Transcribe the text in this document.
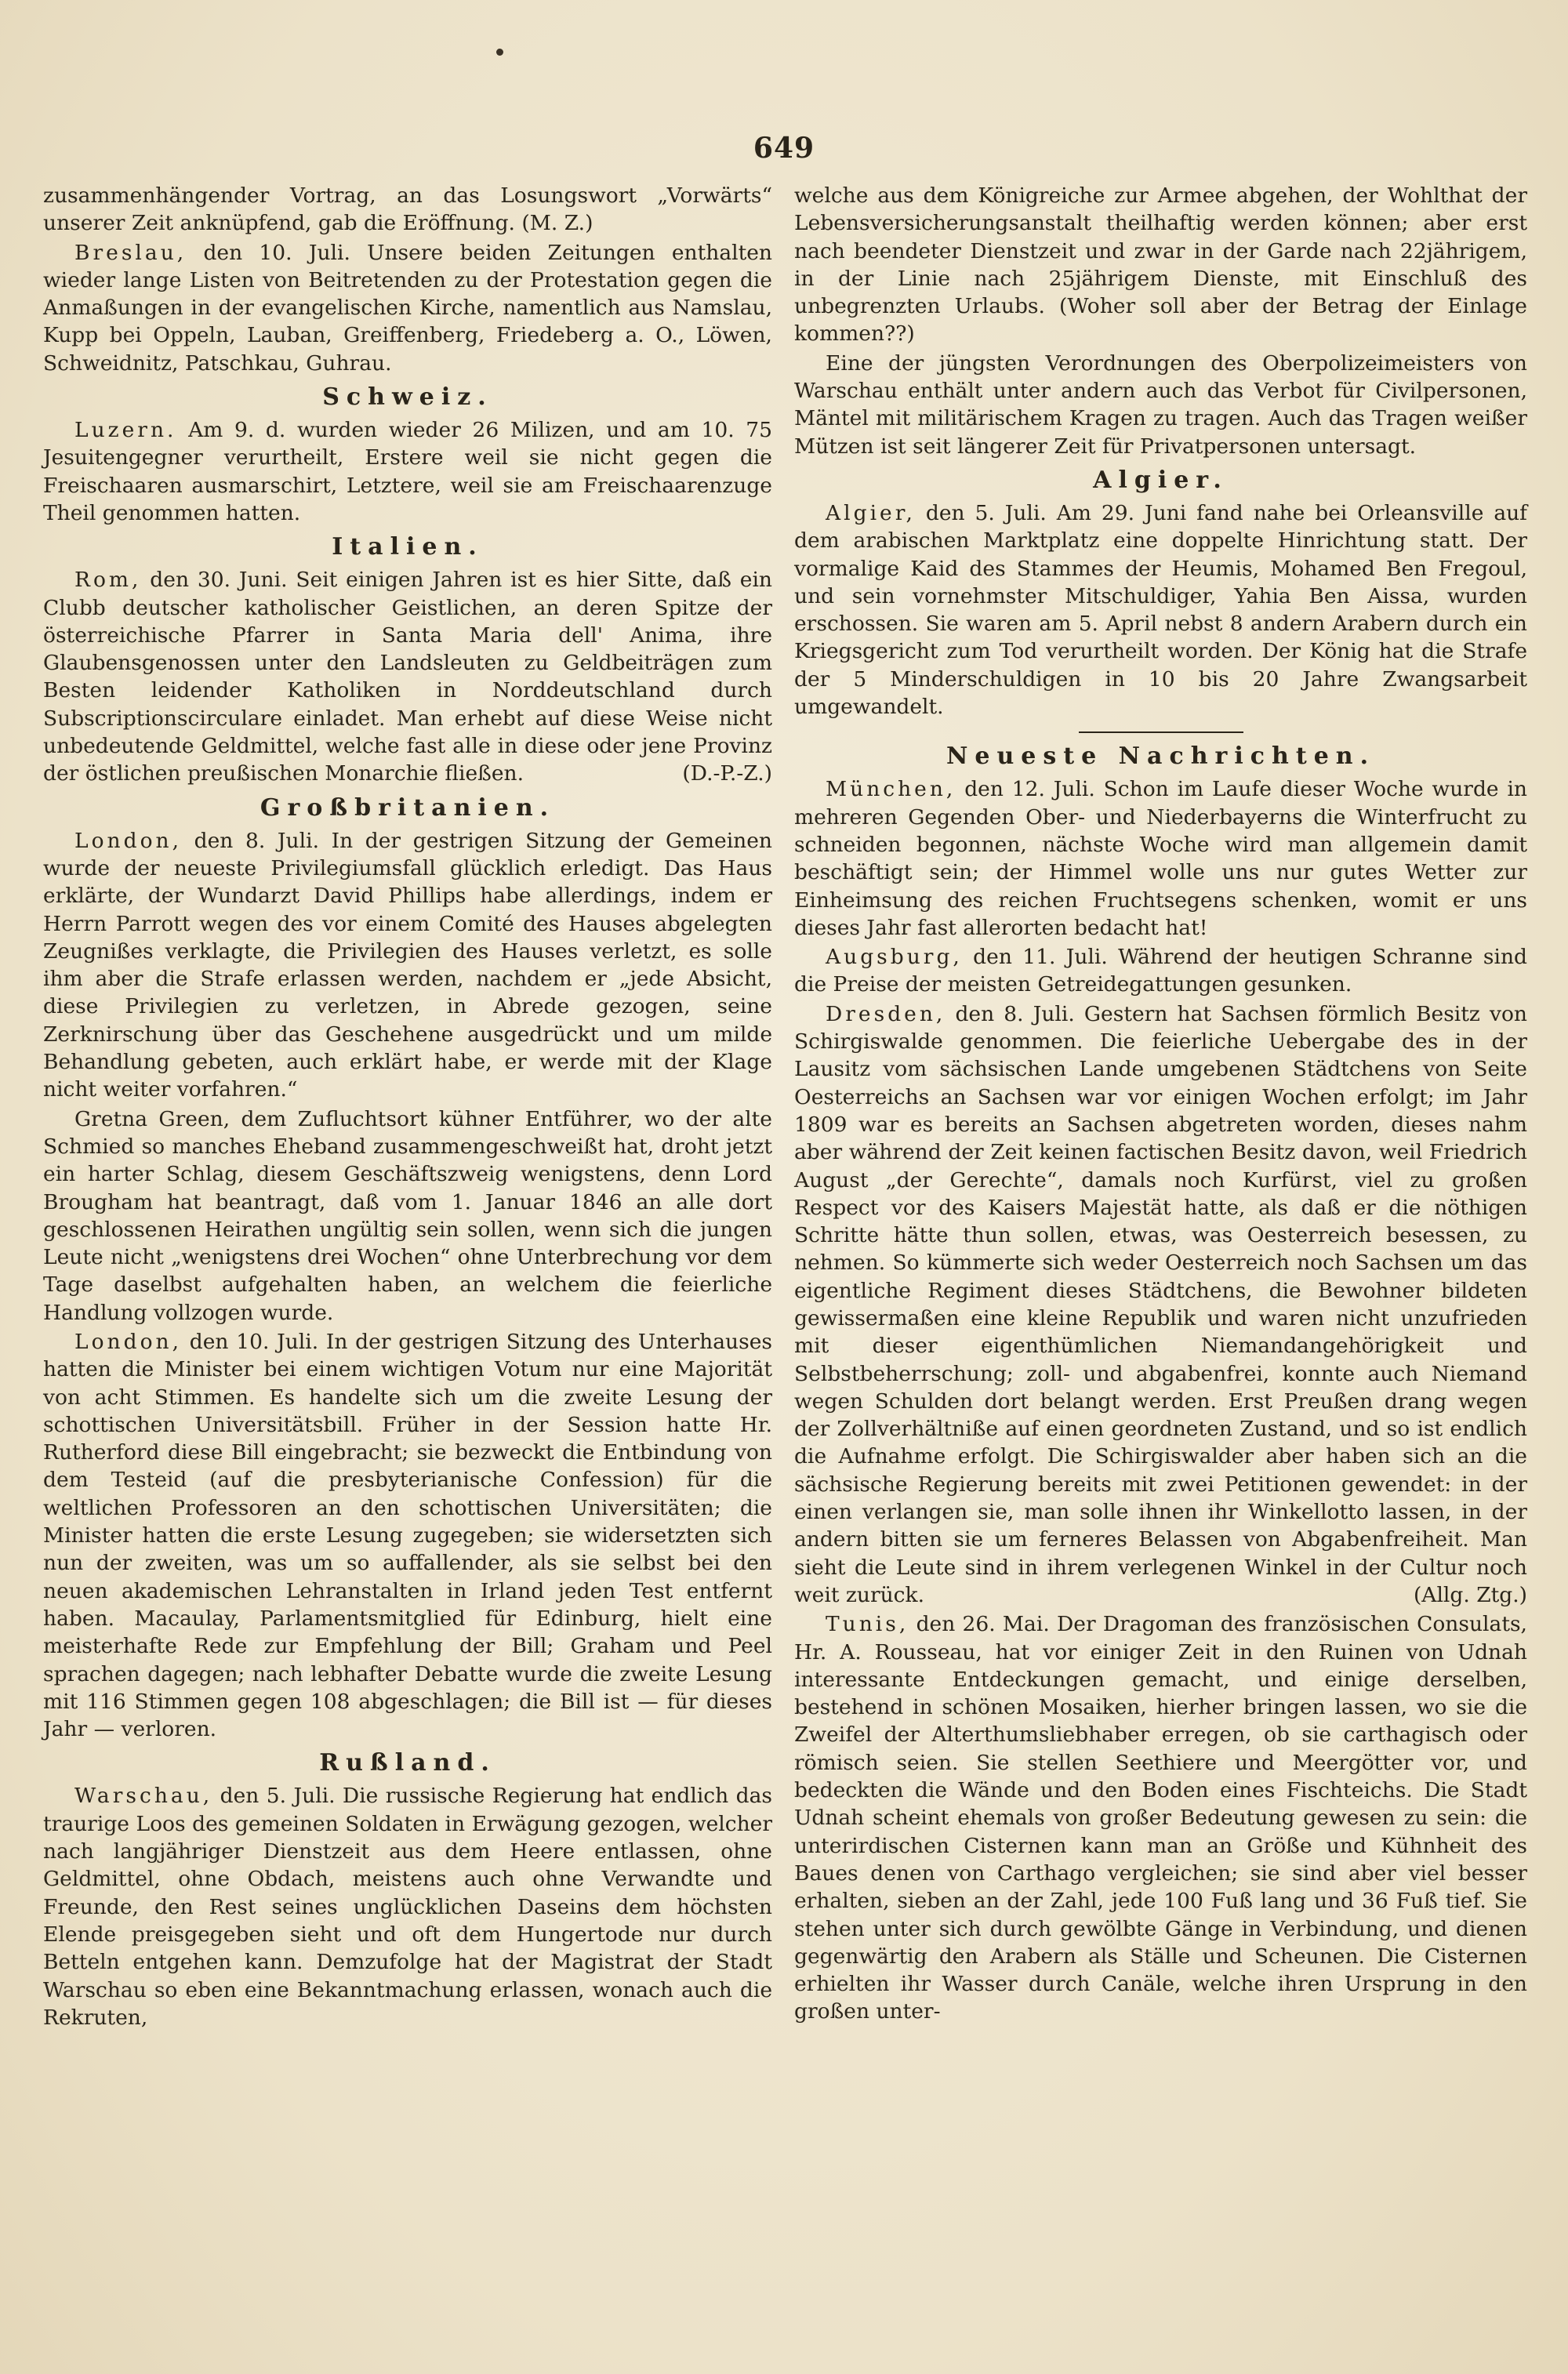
649

zusammenhängender Vortrag, an das Losungswort „Vorwärts“ unserer Zeit anknüpfend, gab die Eröffnung. (M. Z.)

Breslau, den 10. Juli. Unsere beiden Zeitungen enthalten wieder lange Listen von Beitretenden zu der Protestation gegen die Anmaßungen in der evangelischen Kirche, namentlich aus Namslau, Kupp bei Oppeln, Lauban, Greiffenberg, Friedeberg a. O., Löwen, Schweidnitz, Patschkau, Guhrau.

Schweiz.

Luzern. Am 9. d. wurden wieder 26 Milizen, und am 10. 75 Jesuitengegner verurtheilt, Erstere weil sie nicht gegen die Freischaaren ausmarschirt, Letztere, weil sie am Freischaarenzuge Theil genommen hatten.

Italien.

Rom, den 30. Juni. Seit einigen Jahren ist es hier Sitte, daß ein Clubb deutscher katholischer Geistlichen, an deren Spitze der österreichische Pfarrer in Santa Maria dell' Anima, ihre Glaubensgenossen unter den Landsleuten zu Geldbeiträgen zum Besten leidender Katholiken in Norddeutschland durch Subscriptionscirculare einladet. Man erhebt auf diese Weise nicht unbedeutende Geldmittel, welche fast alle in diese oder jene Provinz der östlichen preußischen Monarchie fließen.	(D.-P.-Z.)

Großbritanien.

London, den 8. Juli. In der gestrigen Sitzung der Gemeinen wurde der neueste Privilegiumsfall glücklich erledigt. Das Haus erklärte, der Wundarzt David Phillips habe allerdings, indem er Herrn Parrott wegen des vor einem Comité des Hauses abgelegten Zeugnißes verklagte, die Privilegien des Hauses verletzt, es solle ihm aber die Strafe erlassen werden, nachdem er „jede Absicht, diese Privilegien zu verletzen, in Abrede gezogen, seine Zerknirschung über das Geschehene ausgedrückt und um milde Behandlung gebeten, auch erklärt habe, er werde mit der Klage nicht weiter vorfahren.“

Gretna Green, dem Zufluchtsort kühner Entführer, wo der alte Schmied so manches Eheband zusammengeschweißt hat, droht jetzt ein harter Schlag, diesem Geschäftszweig wenigstens, denn Lord Brougham hat beantragt, daß vom 1. Januar 1846 an alle dort geschlossenen Heirathen ungültig sein sollen, wenn sich die jungen Leute nicht „wenigstens drei Wochen“ ohne Unterbrechung vor dem Tage daselbst aufgehalten haben, an welchem die feierliche Handlung vollzogen wurde.

London, den 10. Juli. In der gestrigen Sitzung des Unterhauses hatten die Minister bei einem wichtigen Votum nur eine Majorität von acht Stimmen. Es handelte sich um die zweite Lesung der schottischen Universitätsbill. Früher in der Session hatte Hr. Rutherford diese Bill eingebracht; sie bezweckt die Entbindung von dem Testeid (auf die presbyterianische Confession) für die weltlichen Professoren an den schottischen Universitäten; die Minister hatten die erste Lesung zugegeben; sie widersetzten sich nun der zweiten, was um so auffallender, als sie selbst bei den neuen akademischen Lehranstalten in Irland jeden Test entfernt haben. Macaulay, Parlamentsmitglied für Edinburg, hielt eine meisterhafte Rede zur Empfehlung der Bill; Graham und Peel sprachen dagegen; nach lebhafter Debatte wurde die zweite Lesung mit 116 Stimmen gegen 108 abgeschlagen; die Bill ist — für dieses Jahr — verloren.

Rußland.

Warschau, den 5. Juli. Die russische Regierung hat endlich das traurige Loos des gemeinen Soldaten in Erwägung gezogen, welcher nach langjähriger Dienstzeit aus dem Heere entlassen, ohne Geldmittel, ohne Obdach, meistens auch ohne Verwandte und Freunde, den Rest seines unglücklichen Daseins dem höchsten Elende preisgegeben sieht und oft dem Hungertode nur durch Betteln entgehen kann. Demzufolge hat der Magistrat der Stadt Warschau so eben eine Bekanntmachung erlassen, wonach auch die Rekruten,

welche aus dem Königreiche zur Armee abgehen, der Wohlthat der Lebensversicherungsanstalt theilhaftig werden können; aber erst nach beendeter Dienstzeit und zwar in der Garde nach 22jährigem, in der Linie nach 25jährigem Dienste, mit Einschluß des unbegrenzten Urlaubs. (Woher soll aber der Betrag der Einlage kommen??)

Eine der jüngsten Verordnungen des Oberpolizeimeisters von Warschau enthält unter andern auch das Verbot für Civilpersonen, Mäntel mit militärischem Kragen zu tragen. Auch das Tragen weißer Mützen ist seit längerer Zeit für Privatpersonen untersagt.

Algier.

Algier, den 5. Juli. Am 29. Juni fand nahe bei Orleansville auf dem arabischen Marktplatz eine doppelte Hinrichtung statt. Der vormalige Kaid des Stammes der Heumis, Mohamed Ben Fregoul, und sein vornehmster Mitschuldiger, Yahia Ben Aissa, wurden erschossen. Sie waren am 5. April nebst 8 andern Arabern durch ein Kriegsgericht zum Tod verurtheilt worden. Der König hat die Strafe der 5 Minderschuldigen in 10 bis 20 Jahre Zwangsarbeit umgewandelt.

Neueste Nachrichten.

München, den 12. Juli. Schon im Laufe dieser Woche wurde in mehreren Gegenden Ober- und Niederbayerns die Winterfrucht zu schneiden begonnen, nächste Woche wird man allgemein damit beschäftigt sein; der Himmel wolle uns nur gutes Wetter zur Einheimsung des reichen Fruchtsegens schenken, womit er uns dieses Jahr fast allerorten bedacht hat!

Augsburg, den 11. Juli. Während der heutigen Schranne sind die Preise der meisten Getreidegattungen gesunken.

Dresden, den 8. Juli. Gestern hat Sachsen förmlich Besitz von Schirgiswalde genommen. Die feierliche Uebergabe des in der Lausitz vom sächsischen Lande umgebenen Städtchens von Seite Oesterreichs an Sachsen war vor einigen Wochen erfolgt; im Jahr 1809 war es bereits an Sachsen abgetreten worden, dieses nahm aber während der Zeit keinen factischen Besitz davon, weil Friedrich August „der Gerechte“, damals noch Kurfürst, viel zu großen Respect vor des Kaisers Majestät hatte, als daß er die nöthigen Schritte hätte thun sollen, etwas, was Oesterreich besessen, zu nehmen. So kümmerte sich weder Oesterreich noch Sachsen um das eigentliche Regiment dieses Städtchens, die Bewohner bildeten gewissermaßen eine kleine Republik und waren nicht unzufrieden mit dieser eigenthümlichen Niemandangehörigkeit und Selbstbeherrschung; zoll- und abgabenfrei, konnte auch Niemand wegen Schulden dort belangt werden. Erst Preußen drang wegen der Zollverhältniße auf einen geordneten Zustand, und so ist endlich die Aufnahme erfolgt. Die Schirgiswalder aber haben sich an die sächsische Regierung bereits mit zwei Petitionen gewendet: in der einen verlangen sie, man solle ihnen ihr Winkellotto lassen, in der andern bitten sie um ferneres Belassen von Abgabenfreiheit. Man sieht die Leute sind in ihrem verlegenen Winkel in der Cultur noch weit zurück.	(Allg. Ztg.)

Tunis, den 26. Mai. Der Dragoman des französischen Consulats, Hr. A. Rousseau, hat vor einiger Zeit in den Ruinen von Udnah interessante Entdeckungen gemacht, und einige derselben, bestehend in schönen Mosaiken, hierher bringen lassen, wo sie die Zweifel der Alterthumsliebhaber erregen, ob sie carthagisch oder römisch seien. Sie stellen Seethiere und Meergötter vor, und bedeckten die Wände und den Boden eines Fischteichs. Die Stadt Udnah scheint ehemals von großer Bedeutung gewesen zu sein: die unterirdischen Cisternen kann man an Größe und Kühnheit des Baues denen von Carthago vergleichen; sie sind aber viel besser erhalten, sieben an der Zahl, jede 100 Fuß lang und 36 Fuß tief. Sie stehen unter sich durch gewölbte Gänge in Verbindung, und dienen gegenwärtig den Arabern als Ställe und Scheunen. Die Cisternen erhielten ihr Wasser durch Canäle, welche ihren Ursprung in den großen unter-
